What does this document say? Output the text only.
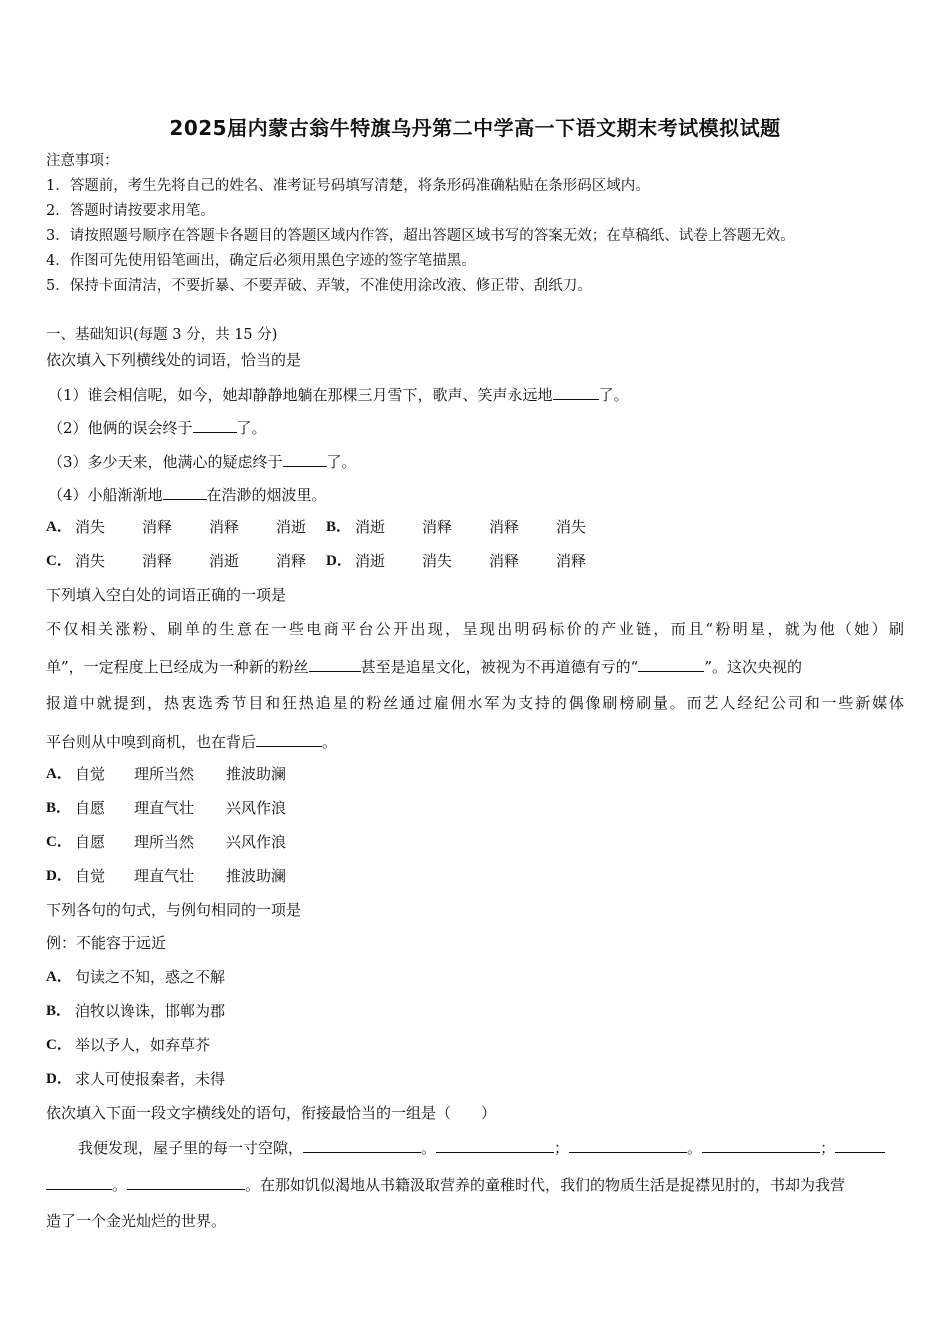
2025届内蒙古翁牛特旗乌丹第二中学高一下语文期末考试模拟试题
注意事项：
1．答题前，考生先将自己的姓名、准考证号码填写清楚，将条形码准确粘贴在条形码区域内。
2．答题时请按要求用笔。
3．请按照题号顺序在答题卡各题目的答题区域内作答，超出答题区域书写的答案无效；在草稿纸、试卷上答题无效。
4．作图可先使用铅笔画出，确定后必须用黑色字迹的签字笔描黑。
5．保持卡面清洁，不要折暴、不要弄破、弄皱，不准使用涂改液、修正带、刮纸刀。
一、基础知识(每题 3 分，共 15 分)
依次填入下列横线处的词语，恰当的是
（1）谁会相信呢，如今，她却静静地躺在那棵三月雪下，歌声、笑声永远地	了。
（2）他俩的误会终于	了。
（3）多少天来，他满心的疑虑终于	了。
（4）小船渐渐地	在浩渺的烟波里。
A． 消失 消释 消释 消逝 B． 消逝 消释 消释 消失
C． 消失 消释 消逝 消释 D． 消逝 消失 消释 消释
下列填入空白处的词语正确的一项是
不仅相关涨粉、刷单的生意在一些电商平台公开出现，呈现出明码标价的产业链，而且“粉明星，就为他（她）刷
单”，一定程度上已经成为一种新的粉丝	甚至是追星文化，被视为不再道德有亏的“	”。这次央视的
报道中就提到，热衷选秀节目和狂热追星的粉丝通过雇佣水军为支持的偶像刷榜刷量。而艺人经纪公司和一些新媒体
平台则从中嗅到商机，也在背后	。
A． 自觉 理所当然 推波助澜
B． 自愿 理直气壮 兴风作浪
C． 自愿 理所当然 兴风作浪
D． 自觉 理直气壮 推波助澜
下列各句的句式，与例句相同的一项是
例：不能容于远近
A． 句读之不知，惑之不解
B． 洎牧以谗诛，邯郸为郡
C． 举以予人，如弃草芥
D． 求人可使报秦者，未得
依次填入下面一段文字横线处的语句，衔接最恰当的一组是（　　）
我便发现，屋子里的每一寸空隙，	。	；	。	；
。	。在那如饥似渴地从书籍汲取营养的童稚时代，我们的物质生活是捉襟见肘的，书却为我营
造了一个金光灿烂的世界。
